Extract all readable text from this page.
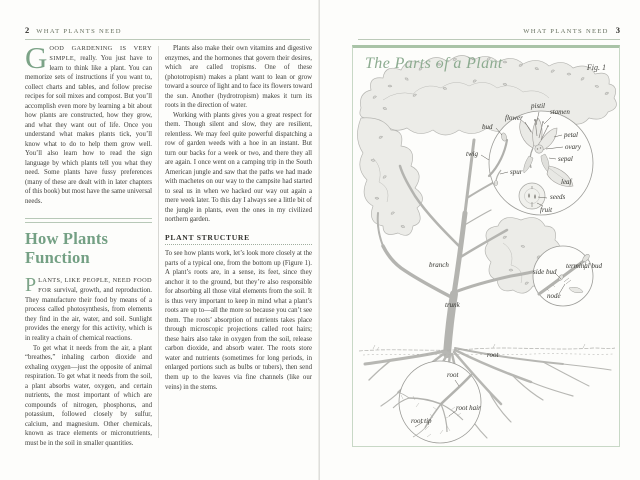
2 WHAT PLANTS NEED

GOOD GARDENING IS VERY SIMPLE, really. You just have to learn to think like a plant. You can memorize sets of instructions if you want to, collect charts and tables, and follow precise recipes for soil mixes and compost. But you’ll accomplish even more by learning a bit about how plants are constructed, how they grow, and what they want out of life. Once you understand what makes plants tick, you’ll know what to do to help them grow well. You’ll also learn how to read the sign language by which plants tell you what they need. Some plants have fussy preferences (many of these are dealt with in later chapters of this book) but most have the same universal needs.

How Plants Function

PLANTS, LIKE PEOPLE, NEED FOOD FOR survival, growth, and reproduction. They manufacture their food by means of a process called photosynthesis, from elements they find in the air, water, and soil. Sunlight provides the energy for this activity, which is in reality a chain of chemical reactions.

To get what it needs from the air, a plant “breathes,” inhaling carbon dioxide and exhaling oxygen—just the opposite of animal respiration. To get what it needs from the soil, a plant absorbs water, oxygen, and certain nutrients, the most important of which are compounds of nitrogen, phosphorus, and potassium, followed closely by sulfur, calcium, and magnesium. Other chemicals, known as trace elements or micronutrients, must be in the soil in smaller quantities.

Plants also make their own vitamins and digestive enzymes, and the hormones that govern their desires, which are called tropisms. One of these (phototropism) makes a plant want to lean or grow toward a source of light and to face its flowers toward the sun. Another (hydrotropism) makes it turn its roots in the direction of water.

Working with plants gives you a great respect for them. Though silent and slow, they are resilient, relentless. We may feel quite powerful dispatching a row of garden weeds with a hoe in an instant. But turn our backs for a week or two, and there they all are again. I once went on a camping trip in the South American jungle and saw that the paths we had made with machetes on our way to the campsite had started to seal us in when we hacked our way out again a mere week later. To this day I always see a little bit of the jungle in plants, even the ones in my civilized northern garden.

PLANT STRUCTURE

To see how plants work, let’s look more closely at the parts of a typical one, from the bottom up (Figure 1). A plant’s roots are, in a sense, its feet, since they anchor it to the ground, but they’re also responsible for absorbing all those vital elements from the soil. It is thus very important to keep in mind what a plant’s roots are up to—all the more so because you can’t see them. The roots’ absorption of nutrients takes place through microscopic projections called root hairs; these hairs also take in oxygen from the soil, release carbon dioxide, and absorb water. The roots store water and nutrients (sometimes for long periods, in enlarged portions such as bulbs or tubers), then send them up to the leaves via fine channels (like our veins) in the stems.

WHAT PLANTS NEED 3
The Parts of a Plant	Fig. 1
pistil
stamen
flower
bud
petal
ovary
twig
sepal
spur
leaf
seeds
fruit
branch
side bud
terminal bud
node
trunk
root
root
root hair
root tip
